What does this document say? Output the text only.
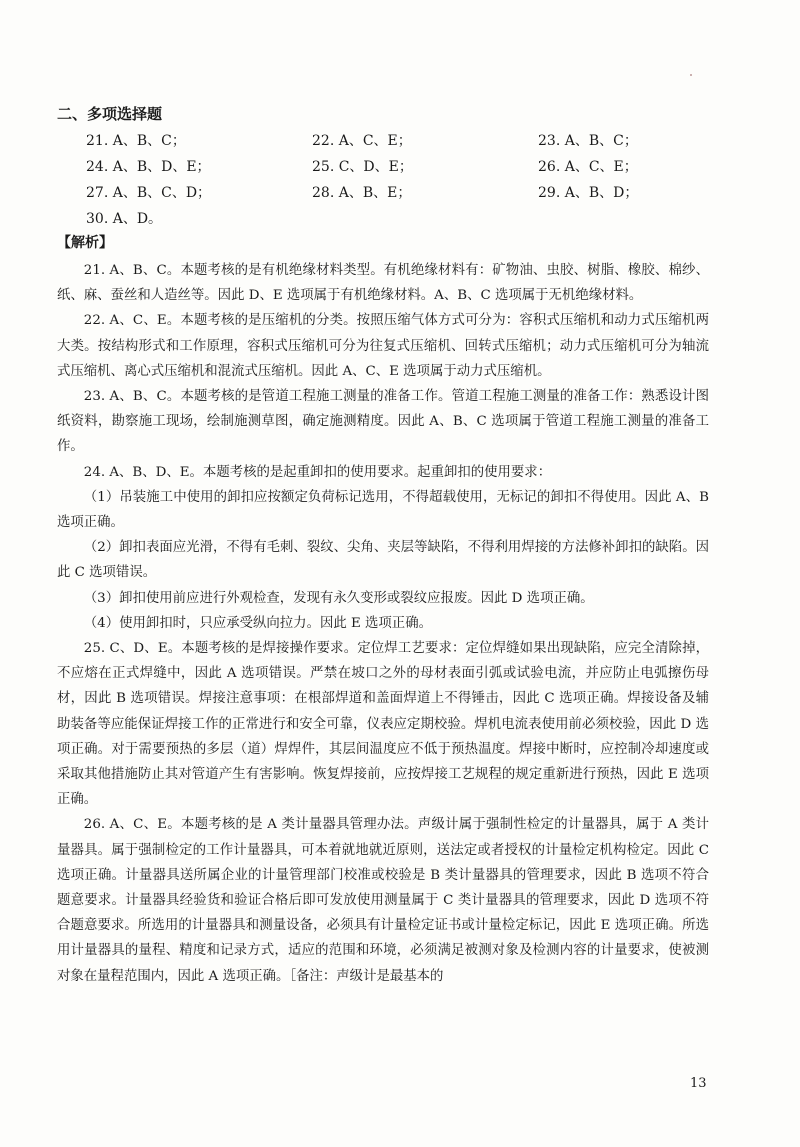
二、多项选择题
21. A、B、C；	22. A、C、E；	23. A、B、C；
24. A、B、D、E；	25. C、D、E；	26. A、C、E；
27. A、B、C、D；	28. A、B、E；	29. A、B、D；
30. A、D。
【解析】

21. A、B、C。本题考核的是有机绝缘材料类型。有机绝缘材料有：矿物油、虫胶、树脂、橡胶、棉纱、纸、麻、蚕丝和人造丝等。因此 D、E 选项属于有机绝缘材料。A、B、C 选项属于无机绝缘材料。

22. A、C、E。本题考核的是压缩机的分类。按照压缩气体方式可分为：容积式压缩机和动力式压缩机两大类。按结构形式和工作原理，容积式压缩机可分为往复式压缩机、回转式压缩机；动力式压缩机可分为轴流式压缩机、离心式压缩机和混流式压缩机。因此 A、C、E 选项属于动力式压缩机。

23. A、B、C。本题考核的是管道工程施工测量的准备工作。管道工程施工测量的准备工作：熟悉设计图纸资料，勘察施工现场，绘制施测草图，确定施测精度。因此 A、B、C 选项属于管道工程施工测量的准备工作。

24. A、B、D、E。本题考核的是起重卸扣的使用要求。起重卸扣的使用要求：

（1）吊装施工中使用的卸扣应按额定负荷标记选用，不得超载使用，无标记的卸扣不得使用。因此 A、B 选项正确。

（2）卸扣表面应光滑，不得有毛刺、裂纹、尖角、夹层等缺陷，不得利用焊接的方法修补卸扣的缺陷。因此 C 选项错误。

（3）卸扣使用前应进行外观检查，发现有永久变形或裂纹应报废。因此 D 选项正确。

（4）使用卸扣时，只应承受纵向拉力。因此 E 选项正确。

25. C、D、E。本题考核的是焊接操作要求。定位焊工艺要求：定位焊缝如果出现缺陷，应完全清除掉，不应熔在正式焊缝中，因此 A 选项错误。严禁在坡口之外的母材表面引弧或试验电流，并应防止电弧擦伤母材，因此 B 选项错误。焊接注意事项：在根部焊道和盖面焊道上不得锤击，因此 C 选项正确。焊接设备及辅助装备等应能保证焊接工作的正常进行和安全可靠，仪表应定期校验。焊机电流表使用前必须校验，因此 D 选项正确。对于需要预热的多层（道）焊焊件，其层间温度应不低于预热温度。焊接中断时，应控制冷却速度或采取其他措施防止其对管道产生有害影响。恢复焊接前，应按焊接工艺规程的规定重新进行预热，因此 E 选项正确。

26. A、C、E。本题考核的是 A 类计量器具管理办法。声级计属于强制性检定的计量器具，属于 A 类计量器具。属于强制检定的工作计量器具，可本着就地就近原则，送法定或者授权的计量检定机构检定。因此 C 选项正确。计量器具送所属企业的计量管理部门校准或校验是 B 类计量器具的管理要求，因此 B 选项不符合题意要求。计量器具经验货和验证合格后即可发放使用测量属于 C 类计量器具的管理要求，因此 D 选项不符合题意要求。所选用的计量器具和测量设备，必须具有计量检定证书或计量检定标记，因此 E 选项正确。所选用计量器具的量程、精度和记录方式，适应的范围和环境，必须满足被测对象及检测内容的计量要求，使被测对象在量程范围内，因此 A 选项正确。［备注：声级计是最基本的

13
